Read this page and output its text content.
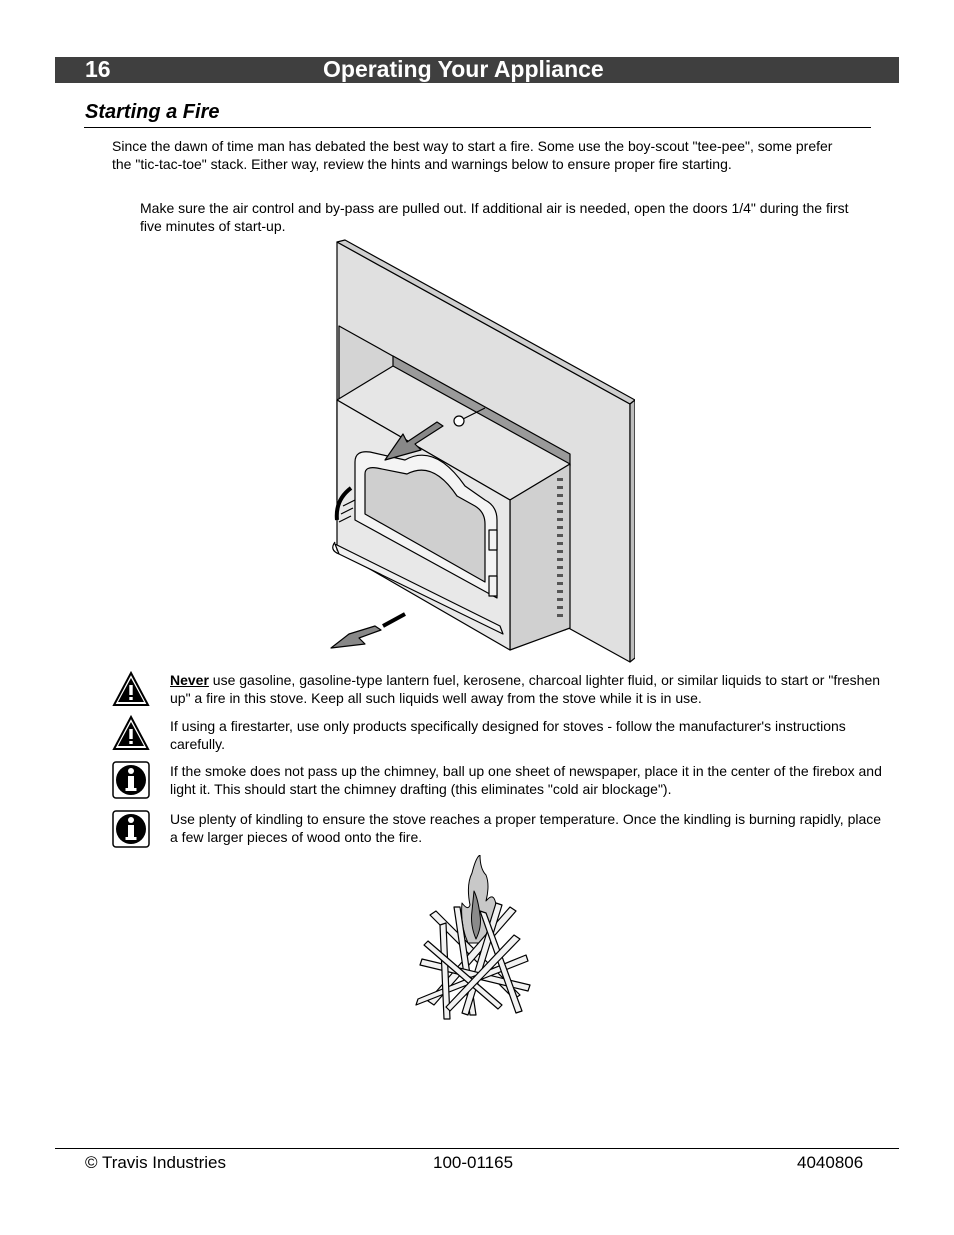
16	Operating Your Appliance
Starting a Fire
Since the dawn of time man has debated the best way to start a fire. Some use the boy-scout "tee-pee", some prefer the "tic-tac-toe" stack. Either way, review the hints and warnings below to ensure proper fire starting.
Make sure the air control and by-pass are pulled out. If additional air is needed, open the doors 1/4" during the first five minutes of start-up.
Never use gasoline, gasoline-type lantern fuel, kerosene, charcoal lighter fluid, or similar liquids to start or "freshen up" a fire in this stove. Keep all such liquids well away from the stove while it is in use.
If using a firestarter, use only products specifically designed for stoves - follow the manufacturer's instructions carefully.
If the smoke does not pass up the chimney, ball up one sheet of newspaper, place it in the center of the firebox and light it. This should start the chimney drafting (this eliminates "cold air blockage").
Use plenty of kindling to ensure the stove reaches a proper temperature. Once the kindling is burning rapidly, place a few larger pieces of wood onto the fire.
© Travis Industries	100-01165	4040806
